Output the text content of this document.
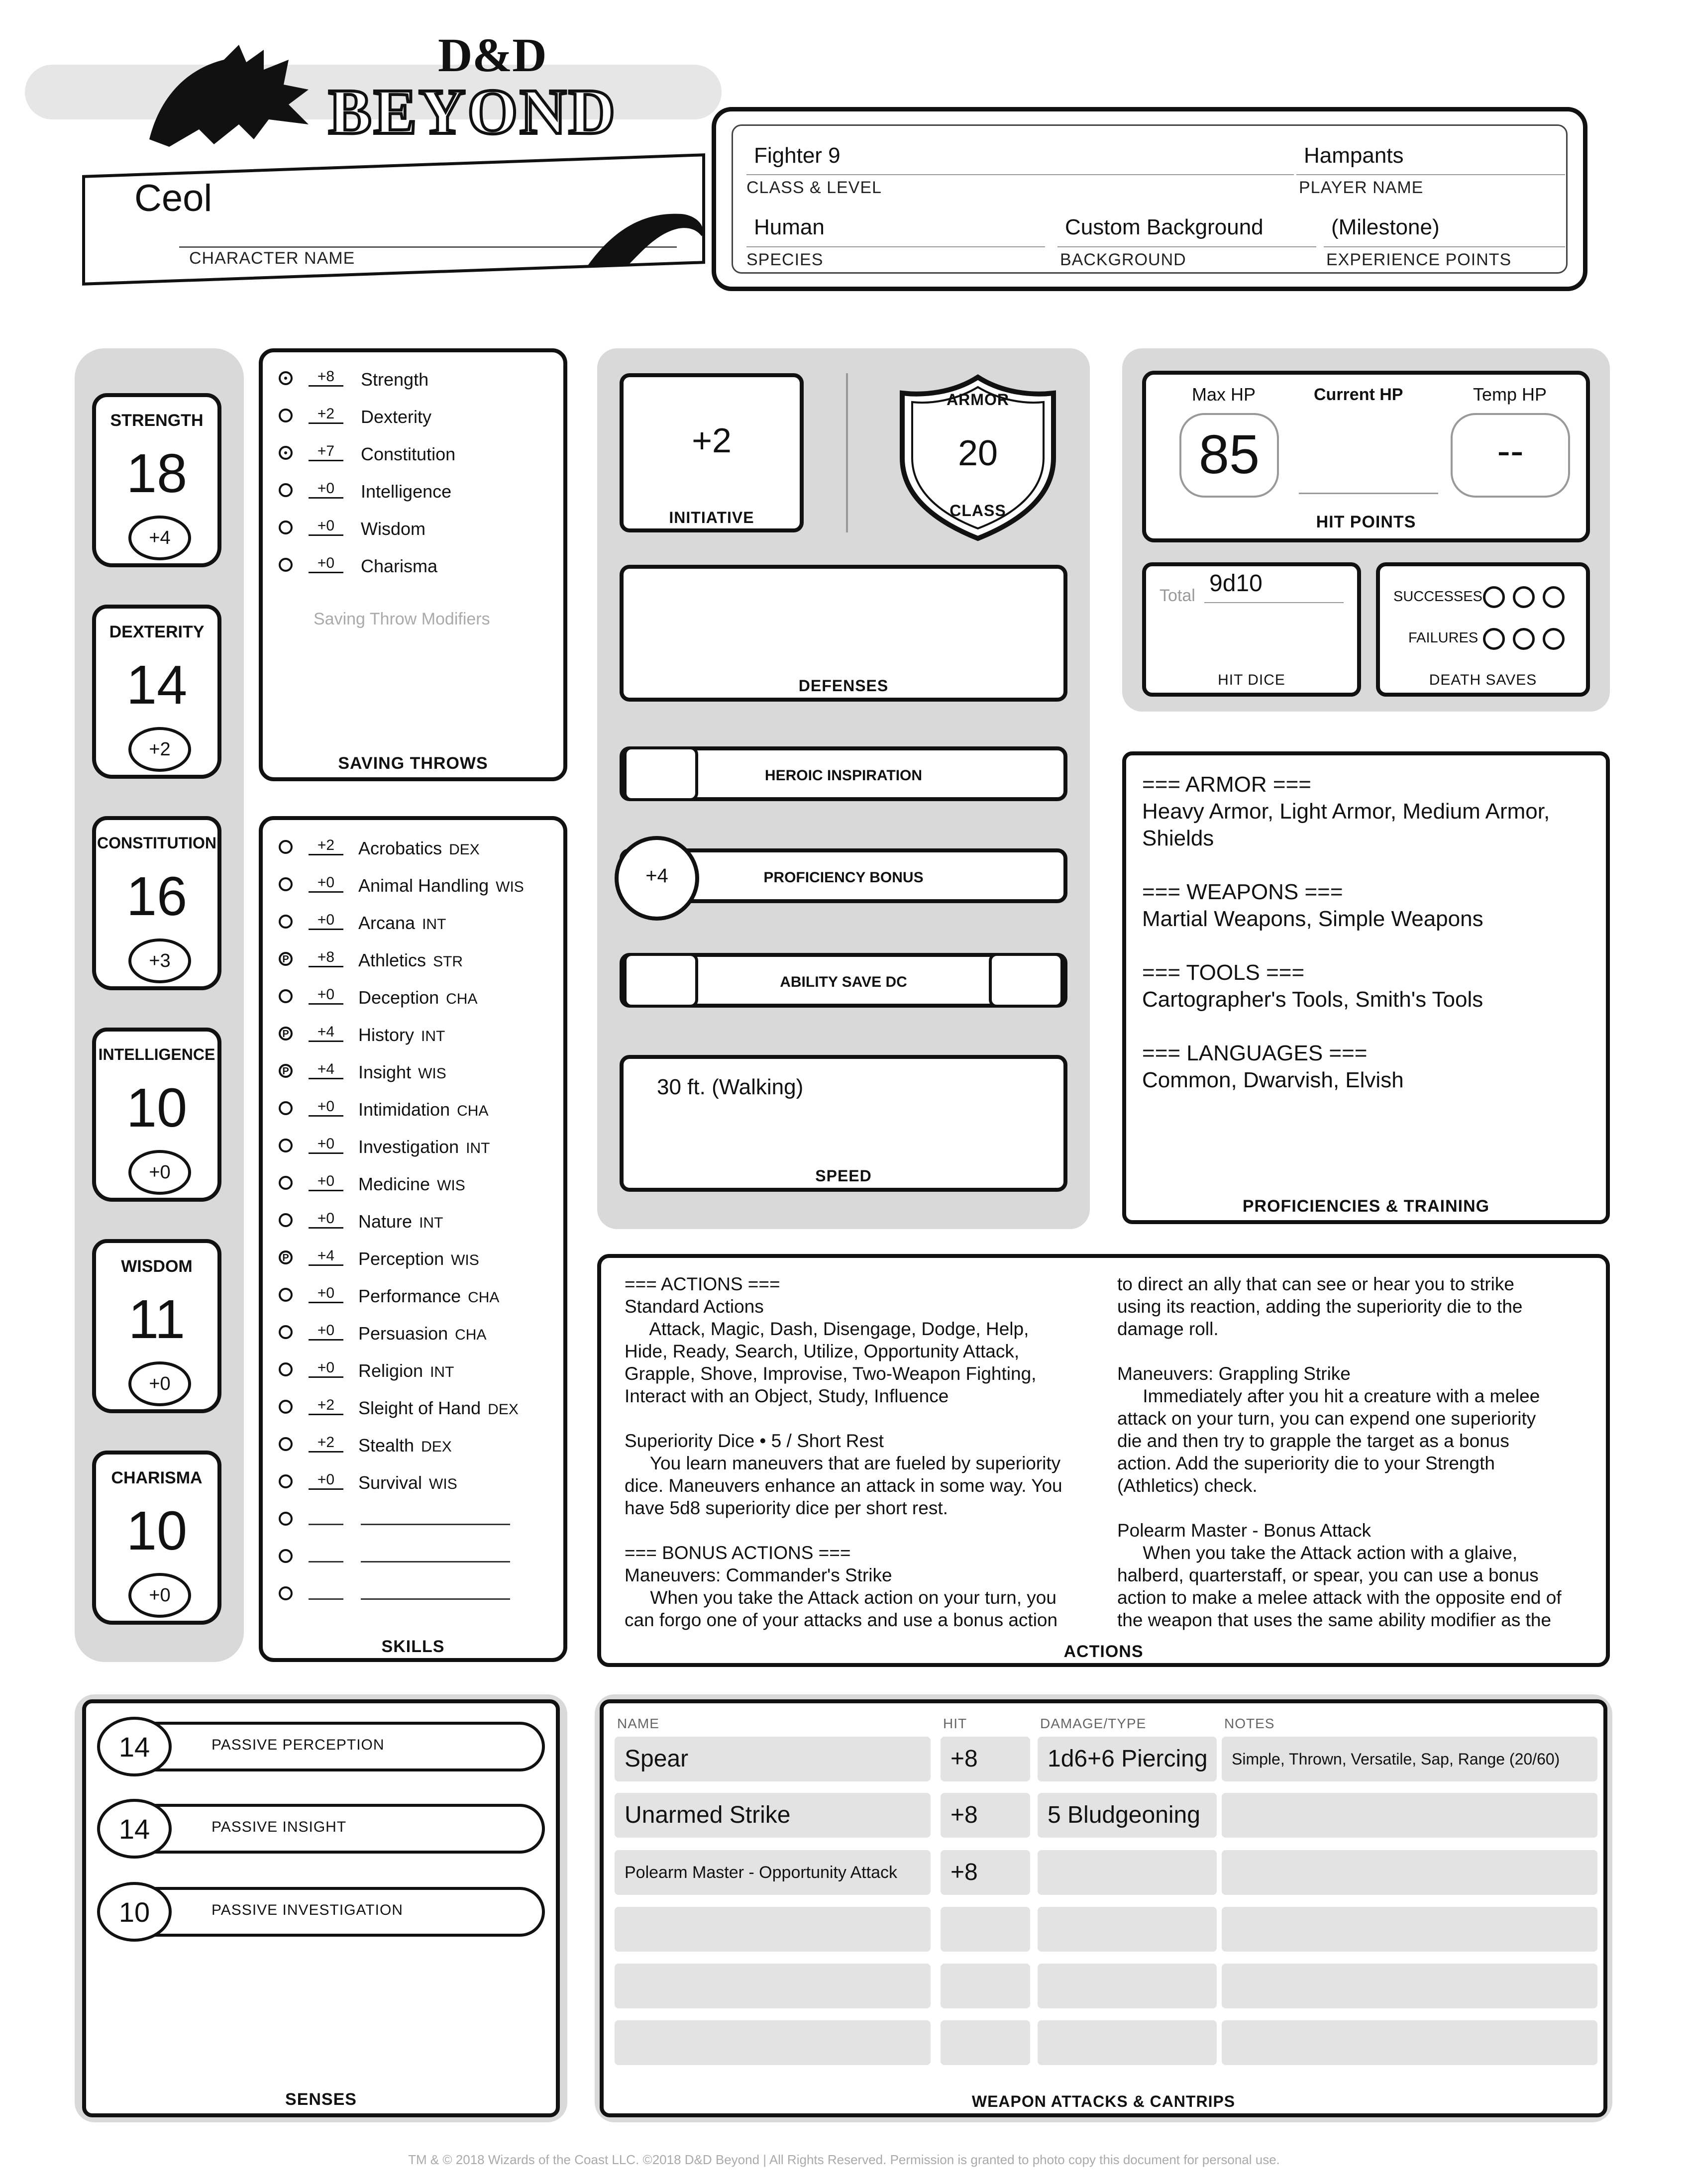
D&D
BEYOND
Ceol
CHARACTER NAME
Fighter 9
CLASS & LEVEL
Hampants
PLAYER NAME
Human
SPECIES
Custom Background
BACKGROUND
(Milestone)
EXPERIENCE POINTS
STRENGTH
18
+4
DEXTERITY
14
+2
CONSTITUTION
16
+3
INTELLIGENCE
10
+0
WISDOM
11
+0
CHARISMA
10
+0
+8	Strength
+2	Dexterity
+7	Constitution
+0	Intelligence
+0	Wisdom
+0	Charisma
Saving Throw Modifiers
SAVING THROWS
+2	Acrobatics DEX
+0	Animal Handling WIS
+0	Arcana INT
P	+8	Athletics STR
+0	Deception CHA
P	+4	History INT
P	+4	Insight WIS
+0	Intimidation CHA
+0	Investigation INT
+0	Medicine WIS
+0	Nature INT
P	+4	Perception WIS
+0	Performance CHA
+0	Persuasion CHA
+0	Religion INT
+2	Sleight of Hand DEX
+2	Stealth DEX
+0	Survival WIS
SKILLS
+2
INITIATIVE
ARMOR
20
CLASS
DEFENSES
HEROIC INSPIRATION
PROFICIENCY BONUS
+4
ABILITY SAVE DC
30 ft. (Walking)
SPEED
Max HP
85
Current HP	Temp HP
--
HIT POINTS
Total 9d10
HIT DICE
SUCCESSES
FAILURES
DEATH SAVES
=== ARMOR ===
Heavy Armor, Light Armor, Medium Armor,
Shields
=== WEAPONS ===
Martial Weapons, Simple Weapons
=== TOOLS ===
Cartographer's Tools, Smith's Tools
=== LANGUAGES ===
Common, Dwarvish, Elvish
PROFICIENCIES & TRAINING
=== ACTIONS ===
Standard Actions
Attack, Magic, Dash, Disengage, Dodge, Help,
Hide, Ready, Search, Utilize, Opportunity Attack,
Grapple, Shove, Improvise, Two-Weapon Fighting,
Interact with an Object, Study, Influence
Superiority Dice • 5 / Short Rest
You learn maneuvers that are fueled by superiority
dice. Maneuvers enhance an attack in some way. You
have 5d8 superiority dice per short rest.
=== BONUS ACTIONS ===
Maneuvers: Commander's Strike
When you take the Attack action on your turn, you
can forgo one of your attacks and use a bonus action
to direct an ally that can see or hear you to strike
using its reaction, adding the superiority die to the
damage roll.
Maneuvers: Grappling Strike
Immediately after you hit a creature with a melee
attack on your turn, you can expend one superiority
die and then try to grapple the target as a bonus
action. Add the superiority die to your Strength
(Athletics) check.
Polearm Master - Bonus Attack
When you take the Attack action with a glaive,
halberd, quarterstaff, or spear, you can use a bonus
action to make a melee attack with the opposite end of
the weapon that uses the same ability modifier as the
ACTIONS
14	PASSIVE PERCEPTION
14	PASSIVE INSIGHT
10	PASSIVE INVESTIGATION
SENSES
NAME	HIT	DAMAGE/TYPE	NOTES
Spear	+8	1d6+6 Piercing	Simple, Thrown, Versatile, Sap, Range (20/60)
Unarmed Strike	+8	5 Bludgeoning
Polearm Master - Opportunity Attack	+8
WEAPON ATTACKS & CANTRIPS
TM & © 2018 Wizards of the Coast LLC. ©2018 D&D Beyond | All Rights Reserved. Permission is granted to photo copy this document for personal use.
